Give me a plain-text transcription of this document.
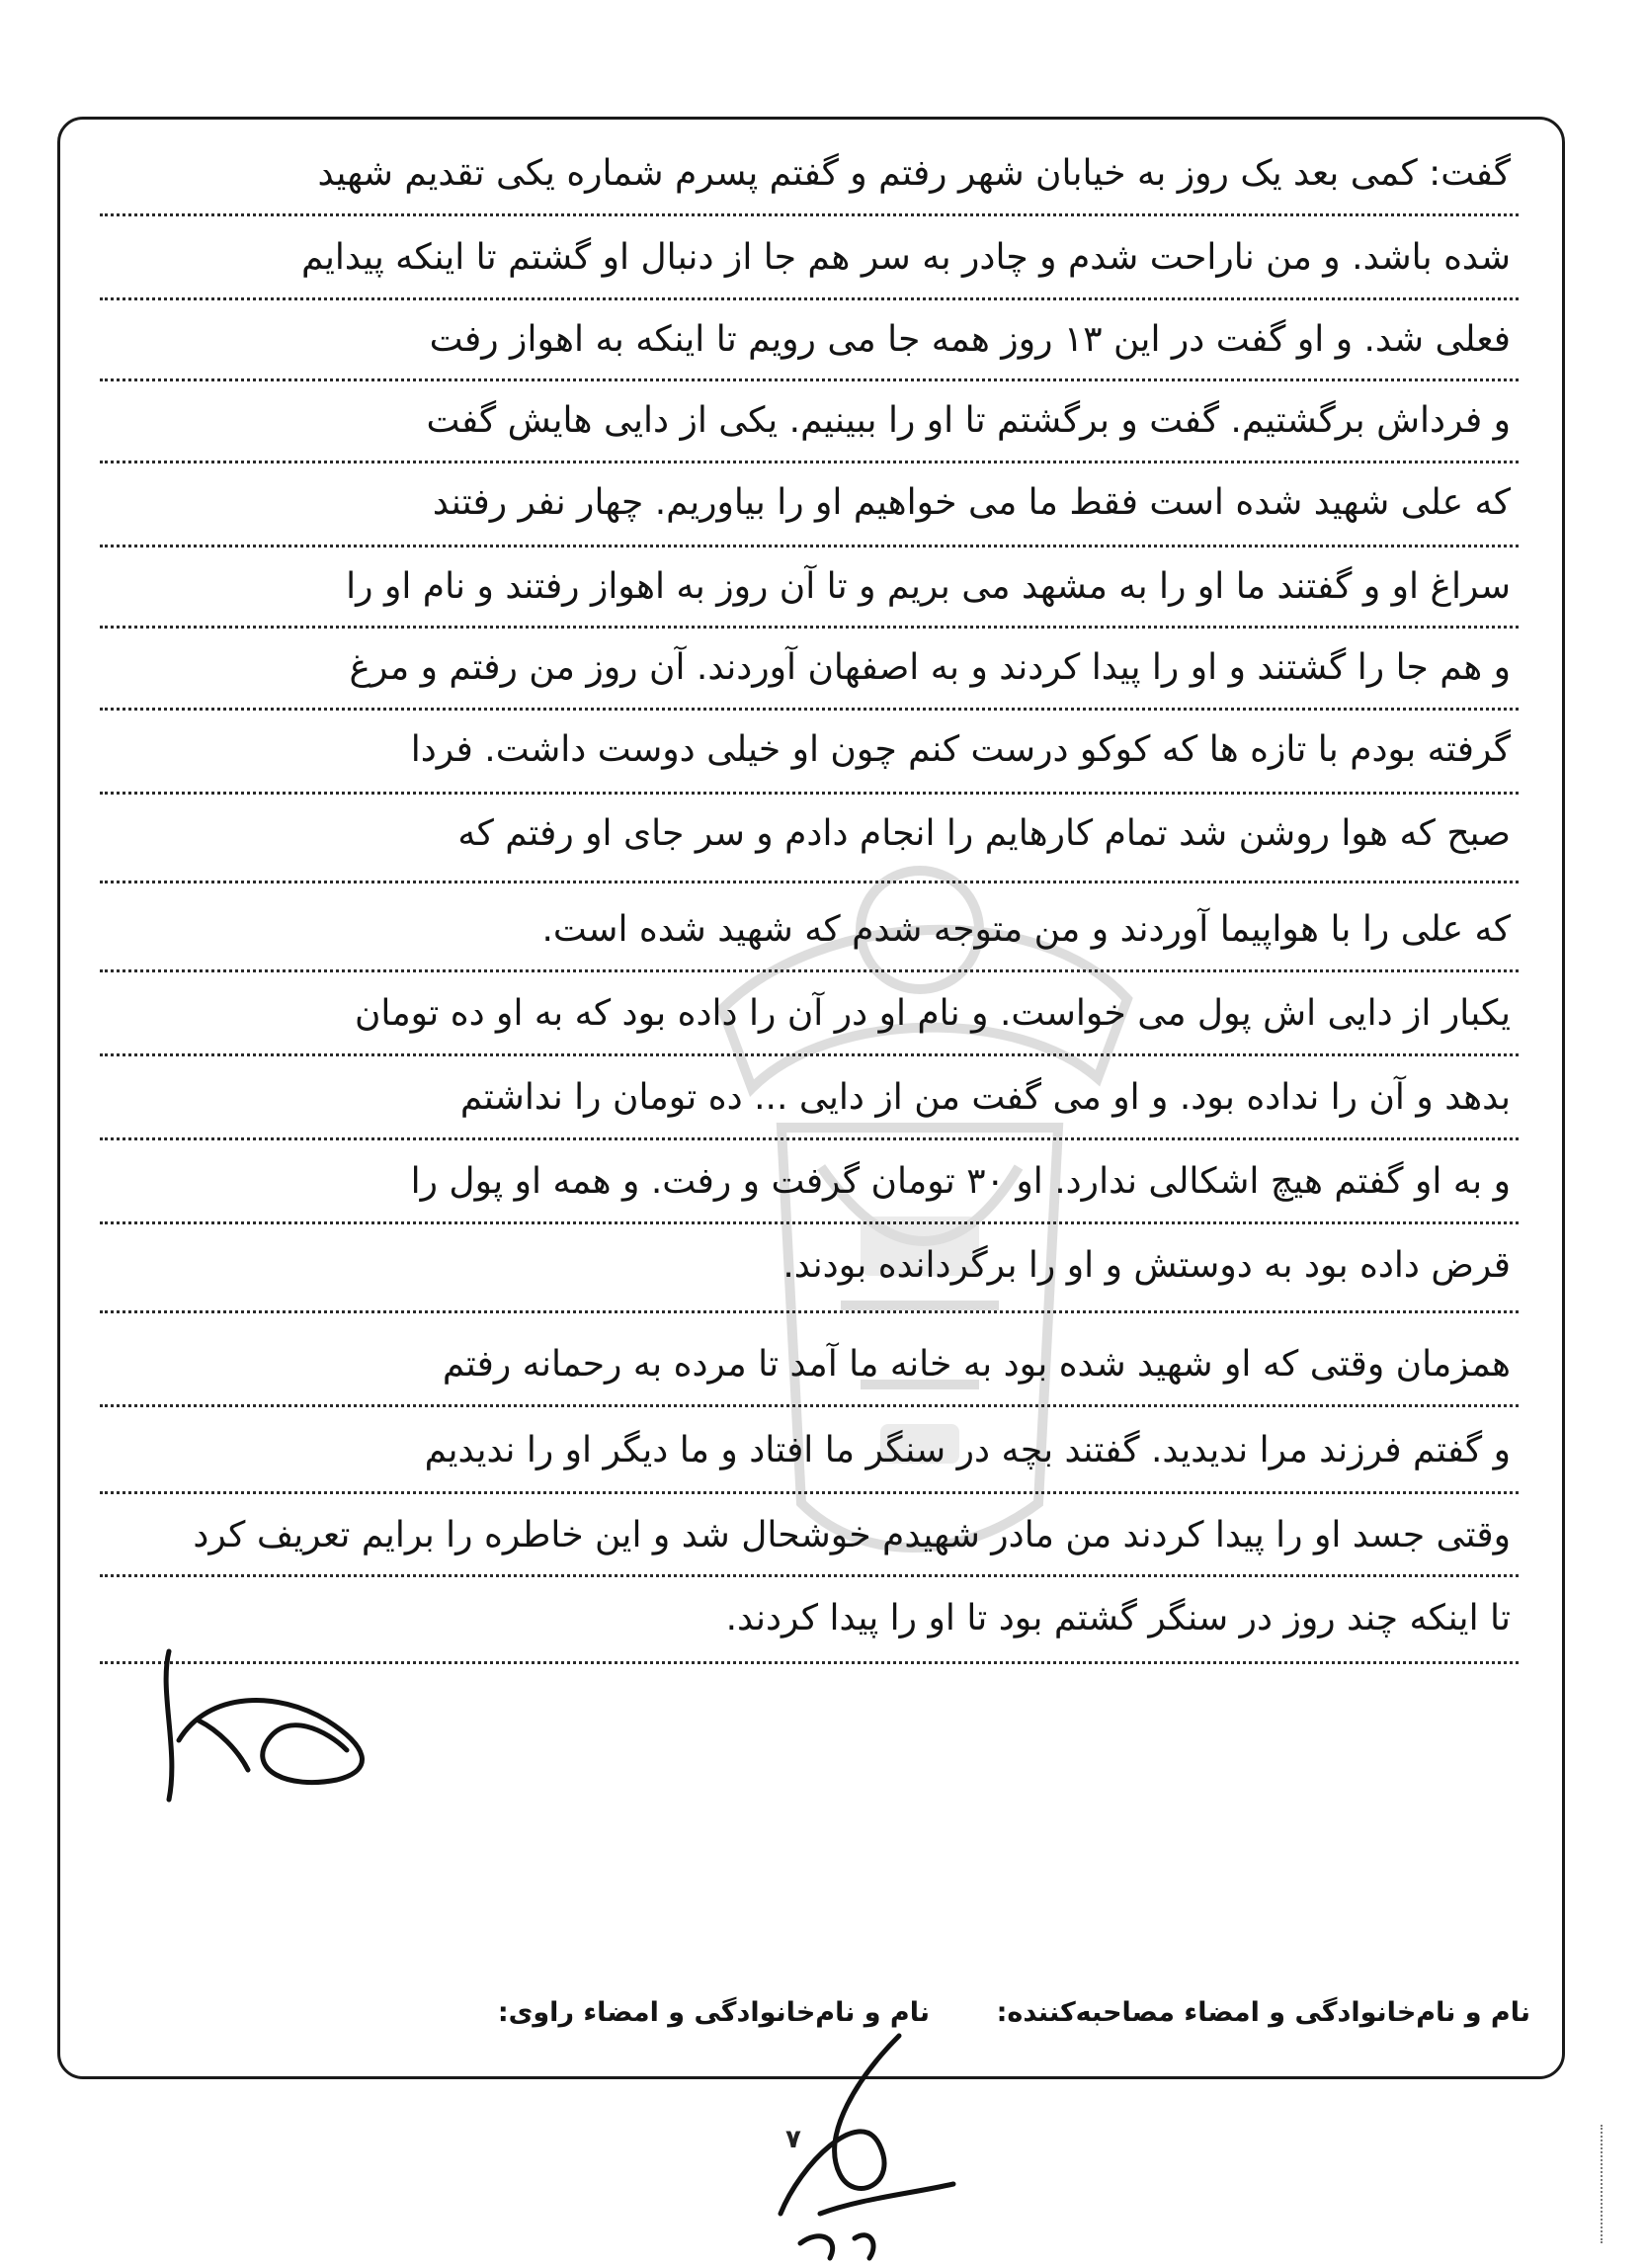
گفت: کمی بعد یک روز به خیابان شهر رفتم و گفتم پسرم شماره یکی تقدیم شهید
شده باشد. و من ناراحت شدم و چادر به سر هم جا از دنبال او گشتم تا اینکه پیدایم
فعلی شد. و او گفت در این ۱۳ روز همه جا می رویم تا اینکه به اهواز رفت
و فرداش برگشتیم. گفت و برگشتم تا او را ببینیم. یکی از دایی هایش گفت
که علی شهید شده است فقط ما می خواهیم او را بیاوریم. چهار نفر رفتند
سراغ او و گفتند ما او را به مشهد می بریم و تا آن روز به اهواز رفتند و نام او را
و هم جا را گشتند و او را پیدا کردند و به اصفهان آوردند. آن روز من رفتم و مرغ
گرفته بودم با تازه ها که کوکو درست کنم چون او خیلی دوست داشت. فردا
صبح که هوا روشن شد تمام کارهایم را انجام دادم و سر جای او رفتم که
که علی را با هواپیما آوردند و من متوجه شدم که شهید شده است.
یکبار از دایی اش پول می خواست. و نام او در آن را داده بود که به او ده تومان
بدهد و آن را نداده بود. و او می گفت من از دایی ... ده تومان را نداشتم
و به او گفتم هیچ اشکالی ندارد. او ۳۰ تومان گرفت و رفت. و همه او پول را
قرض داده بود به دوستش و او را برگردانده بودند.
همزمان وقتی که او شهید شده بود به خانه ما آمد تا مرده به رحمانه رفتم
و گفتم فرزند مرا ندیدید. گفتند بچه در سنگر ما افتاد و ما دیگر او را ندیدیم
وقتی جسد او را پیدا کردند من مادر شهیدم خوشحال شد و این خاطره را برایم تعریف کرد
تا اینکه چند روز در سنگر گشتم بود تا او را پیدا کردند.
نام و نام‌خانوادگی و امضاء مصاحبه‌کننده:
نام و نام‌خانوادگی و امضاء راوی:
۷
